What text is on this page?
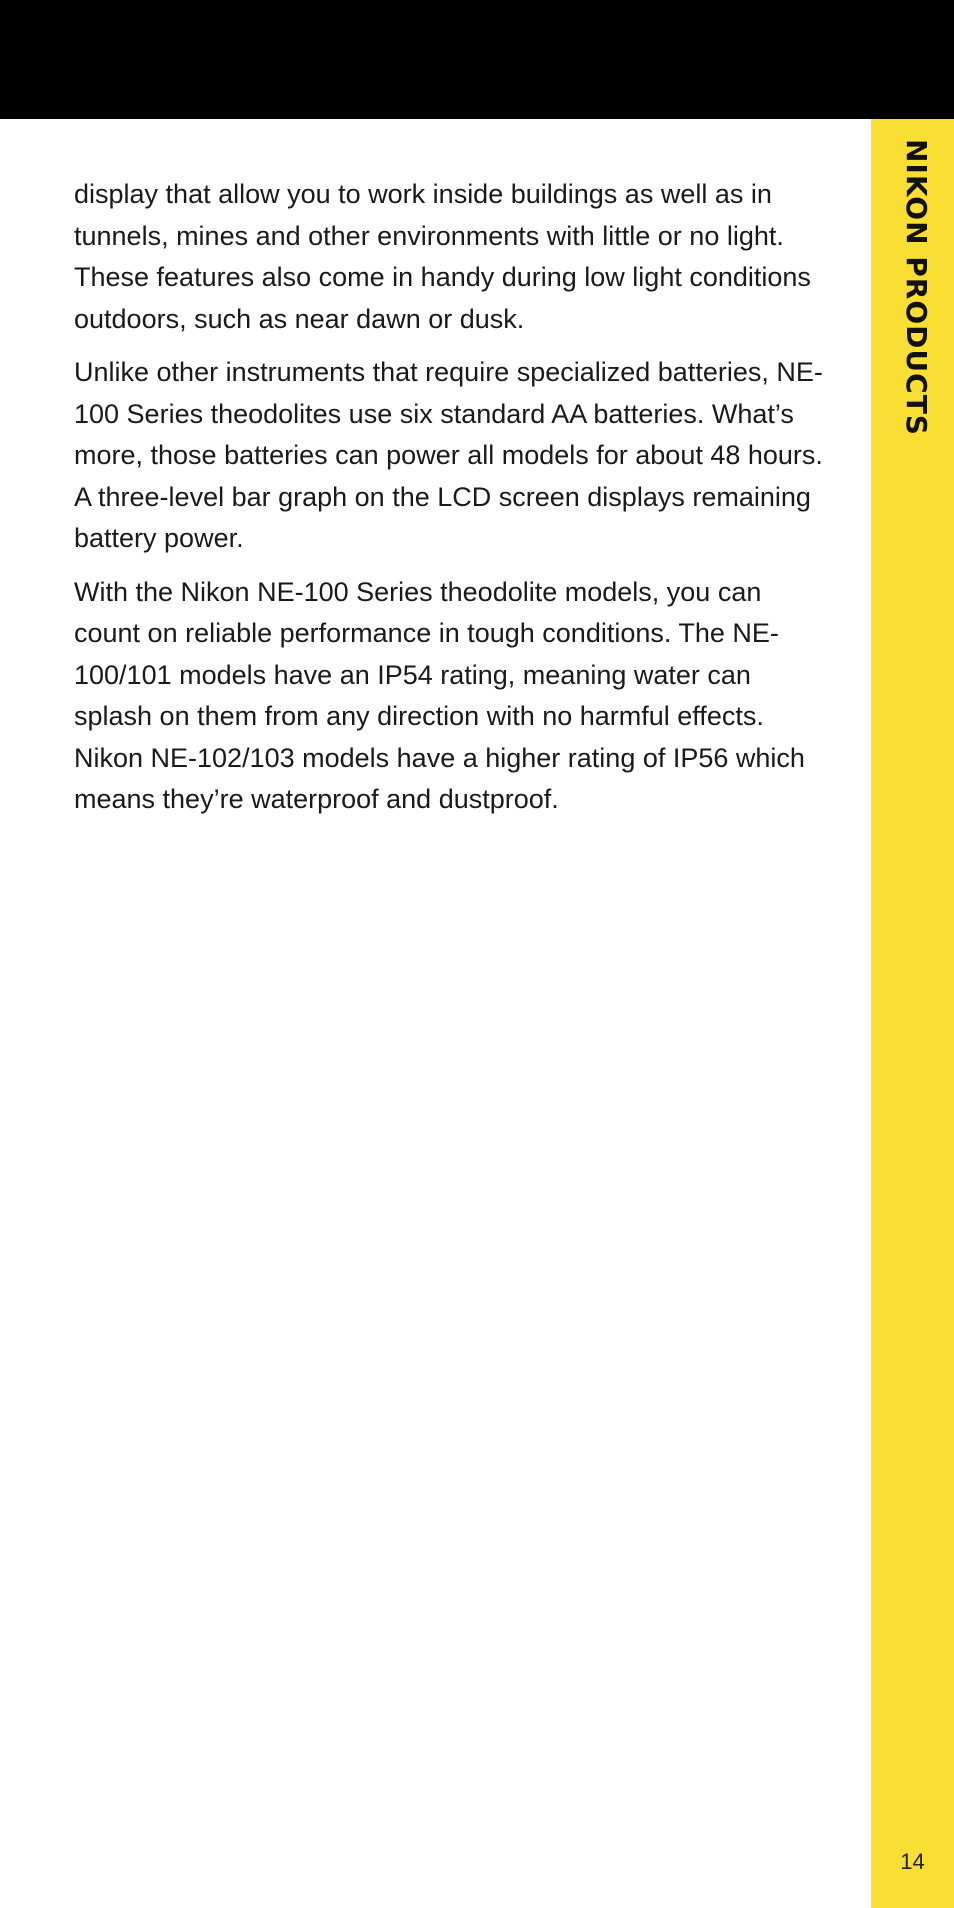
display that allow you to work inside buildings as well as in tunnels, mines and other environments with little or no light. These features also come in handy during low light conditions outdoors, such as near dawn or dusk.

Unlike other instruments that require specialized batteries, NE-100 Series theodolites use six standard AA batteries. What’s more, those batteries can power all models for about 48 hours. A three-level bar graph on the LCD screen displays remaining battery power.

With the Nikon NE-100 Series theodolite models, you can count on reliable performance in tough conditions. The NE-100/101 models have an IP54 rating, meaning water can splash on them from any direction with no harmful effects. Nikon NE-102/103 models have a higher rating of IP56 which means they’re waterproof and dustproof.

NIKON PRODUCTS
14
